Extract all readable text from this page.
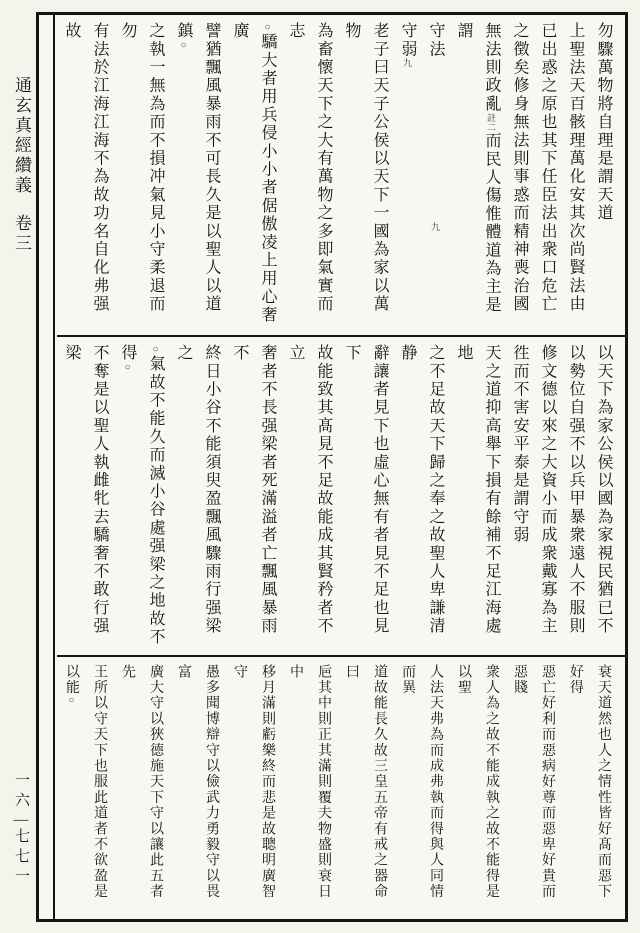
通玄真經纘義卷三
一六—七七一
勿驟萬物將自理是謂天道
上聖法天百骸理萬化安其次尚賢法由
已出惑之原也其下任臣法出衆口危亡
之徴矣修身無法則事惑而精神喪治國
無法則政亂註二而民人傷惟體道為主是謂
守法九
守弱九
老子曰天子公侯以天下一國為家以萬物
為畜懷天下之大有萬物之多即氣實而志
○驕大者用兵侵小小者倨傲凌上用心奢廣
譬猶飄風暴雨不可長久是以聖人以道鎮○
之執一無為而不損冲氣見小守柔退而勿
有法於江海江海不為故功名自化弗强故
以天下為家公侯以國為家視民猶已不
以勢位自强不以兵甲暴衆遠人不服則
修文德以來之大資小而成衆戴寡為主
徃而不害安平泰是謂守弱
天之道抑高舉下損有餘補不足江海處地
之不足故天下歸之奉之故聖人卑謙清静
辭讓者見下也虛心無有者見不足也見下
故能致其髙見不足故能成其賢矜者不立
奢者不長强梁者死滿溢者亡飄風暴雨不
終日小谷不能須臾盈飄風驟雨行强梁之
○氣故不能久而滅小谷處强梁之地故不得○
不奪是以聖人執雌牝去驕奢不敢行强梁
衰天道然也人之情性皆好髙而惡下好得
惡亡好利而惡病好尊而惡卑好貴而惡賤
衆人為之故不能成執之故不能得是以聖
人法天弗為而成弗執而得與人同情而異
道故能長久故三皇五帝有戒之器命曰
巵其中則正其滿則覆夫物盛則衰日中
移月滿則虧樂終而悲是故聰明廣智守
愚多聞博辯守以儉武力勇毅守以畏富
廣大守以狹德施天下守以讓此五者先
王所以守天下也服此道者不欲盈是以能○
